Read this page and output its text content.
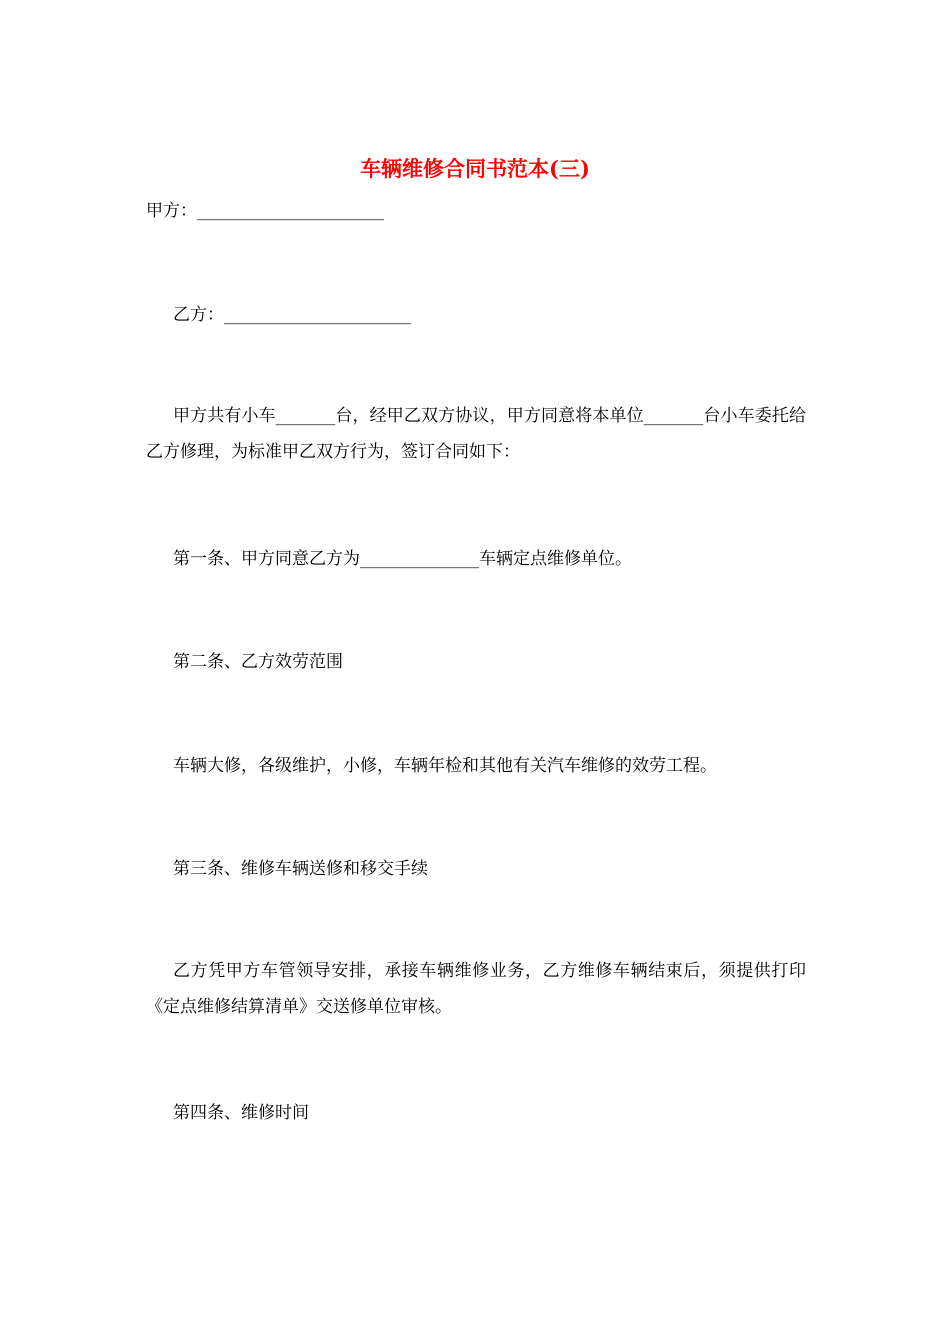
车辆维修合同书范本(三)
甲方：______________________
乙方：______________________
甲方共有小车_______台，经甲乙双方协议，甲方同意将本单位_______台小车委托给乙方修理，为标准甲乙双方行为，签订合同如下：
第一条、甲方同意乙方为______________车辆定点维修单位。
第二条、乙方效劳范围
车辆大修，各级维护，小修，车辆年检和其他有关汽车维修的效劳工程。
第三条、维修车辆送修和移交手续
乙方凭甲方车管领导安排，承接车辆维修业务，乙方维修车辆结束后，须提供打印《定点维修结算清单》交送修单位审核。
第四条、维修时间
